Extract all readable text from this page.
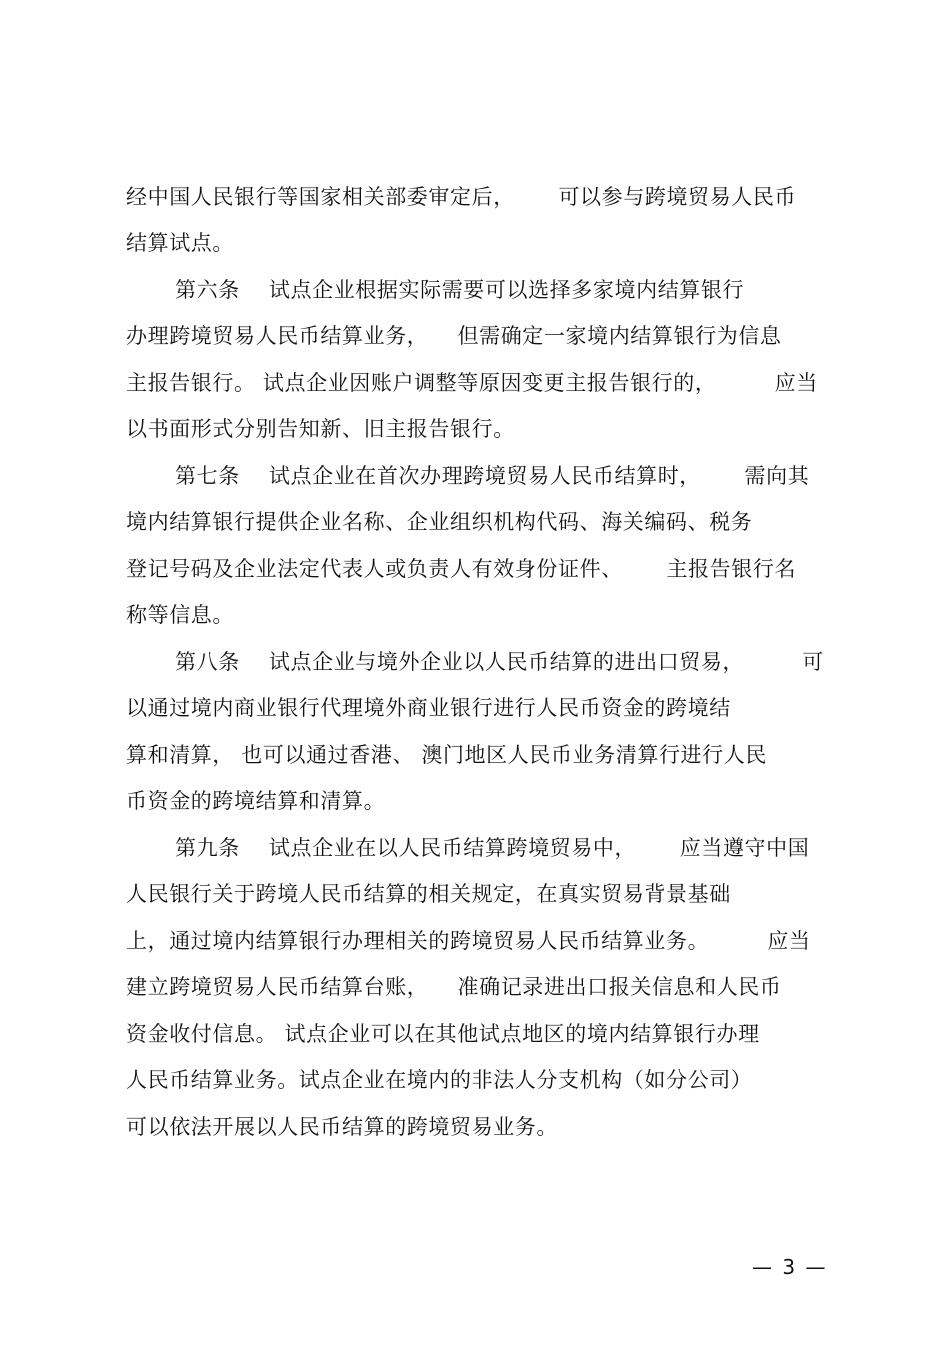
经中国人民银行等国家相关部委审定后，      可以参与跨境贸易人民币
结算试点。
第六条    试点企业根据实际需要可以选择多家境内结算银行
办理跨境贸易人民币结算业务，    但需确定一家境内结算银行为信息
主报告银行。 试点企业因账户调整等原因变更主报告银行的，        应当
以书面形式分别告知新、旧主报告银行。
第七条    试点企业在首次办理跨境贸易人民币结算时，      需向其
境内结算银行提供企业名称、企业组织机构代码、海关编码、税务
登记号码及企业法定代表人或负责人有效身份证件、      主报告银行名
称等信息。
第八条    试点企业与境外企业以人民币结算的进出口贸易，        可
以通过境内商业银行代理境外商业银行进行人民币资金的跨境结
算和清算， 也可以通过香港、 澳门地区人民币业务清算行进行人民
币资金的跨境结算和清算。
第九条    试点企业在以人民币结算跨境贸易中，      应当遵守中国
人民银行关于跨境人民币结算的相关规定，在真实贸易背景基础
上，通过境内结算银行办理相关的跨境贸易人民币结算业务。        应当
建立跨境贸易人民币结算台账，    准确记录进出口报关信息和人民币
资金收付信息。 试点企业可以在其他试点地区的境内结算银行办理
人民币结算业务。试点企业在境内的非法人分支机构（如分公司）
可以依法开展以人民币结算的跨境贸易业务。
— 3 —
